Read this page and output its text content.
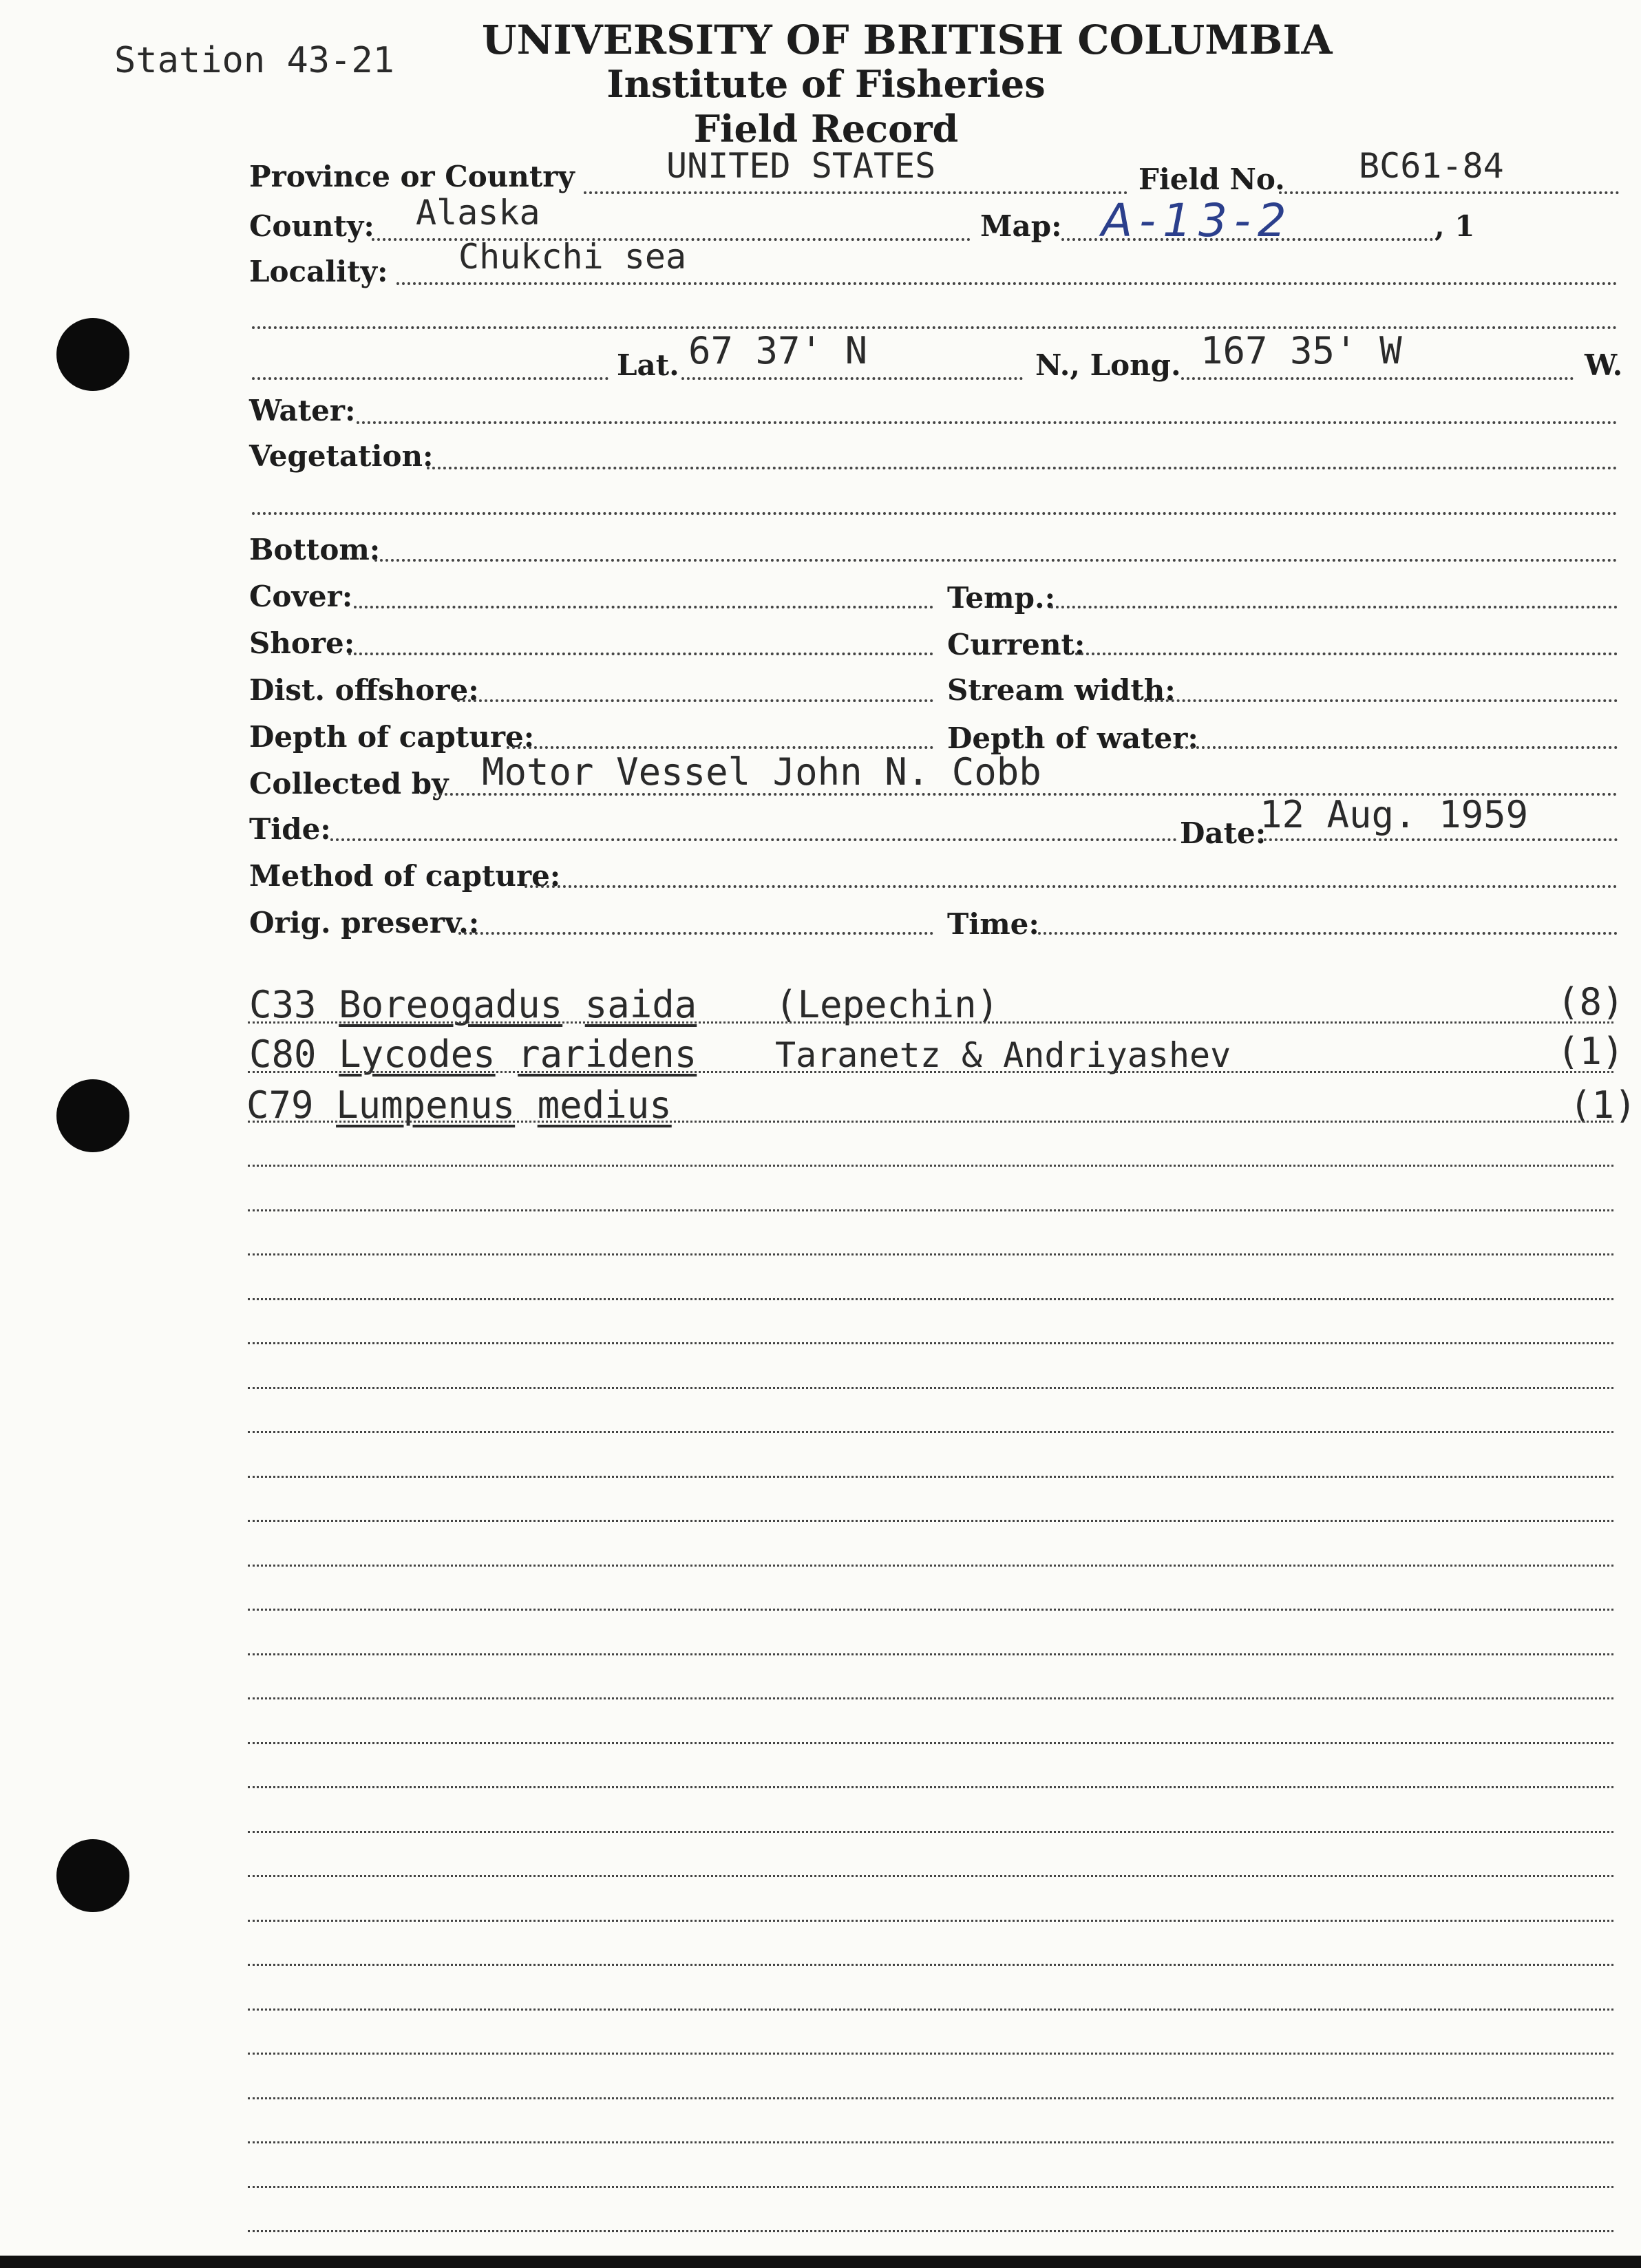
Station 43-21 UNIVERSITY OF BRITISH COLUMBIA
Institute of Fisheries
Field Record
Province or Country	UNITED STATES	Field No. BC61-84
County: Alaska	Map: A-13-2	, 1
Locality: Chukchi sea
Lat. 67 37' N	N., Long. 167 35' W	W.
Water:
Vegetation:
Bottom:
Cover:	Temp.:
Shore:	Current:
Dist. offshore:	Stream width:
Depth of capture:	Depth of water:
Collected by Motor Vessel John N. Cobb
Tide:	Date:
12 Aug. 1959
Method of capture:
Orig. preserv.:	Time:
C33 Boreogadus saida (Lepechin)	(8)
C80 Lycodes raridens Taranetz & Andriyashev	(1)
C79 Lumpenus medius	(1)
